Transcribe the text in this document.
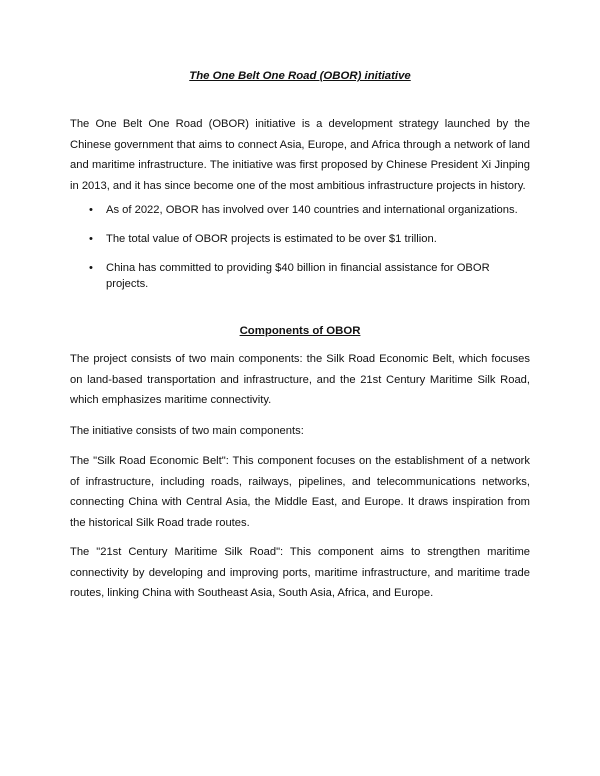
The One Belt One Road (OBOR) initiative

The One Belt One Road (OBOR) initiative is a development strategy launched by the Chinese government that aims to connect Asia, Europe, and Africa through a network of land and maritime infrastructure. The initiative was first proposed by Chinese President Xi Jinping in 2013, and it has since become one of the most ambitious infrastructure projects in history.

• As of 2022, OBOR has involved over 140 countries and international organizations.
• The total value of OBOR projects is estimated to be over $1 trillion.
• China has committed to providing $40 billion in financial assistance for OBOR projects.
Components of OBOR

The project consists of two main components: the Silk Road Economic Belt, which focuses on land-based transportation and infrastructure, and the 21st Century Maritime Silk Road, which emphasizes maritime connectivity.

The initiative consists of two main components:

The "Silk Road Economic Belt": This component focuses on the establishment of a network of infrastructure, including roads, railways, pipelines, and telecommunications networks, connecting China with Central Asia, the Middle East, and Europe. It draws inspiration from the historical Silk Road trade routes.

The "21st Century Maritime Silk Road": This component aims to strengthen maritime connectivity by developing and improving ports, maritime infrastructure, and maritime trade routes, linking China with Southeast Asia, South Asia, Africa, and Europe.
